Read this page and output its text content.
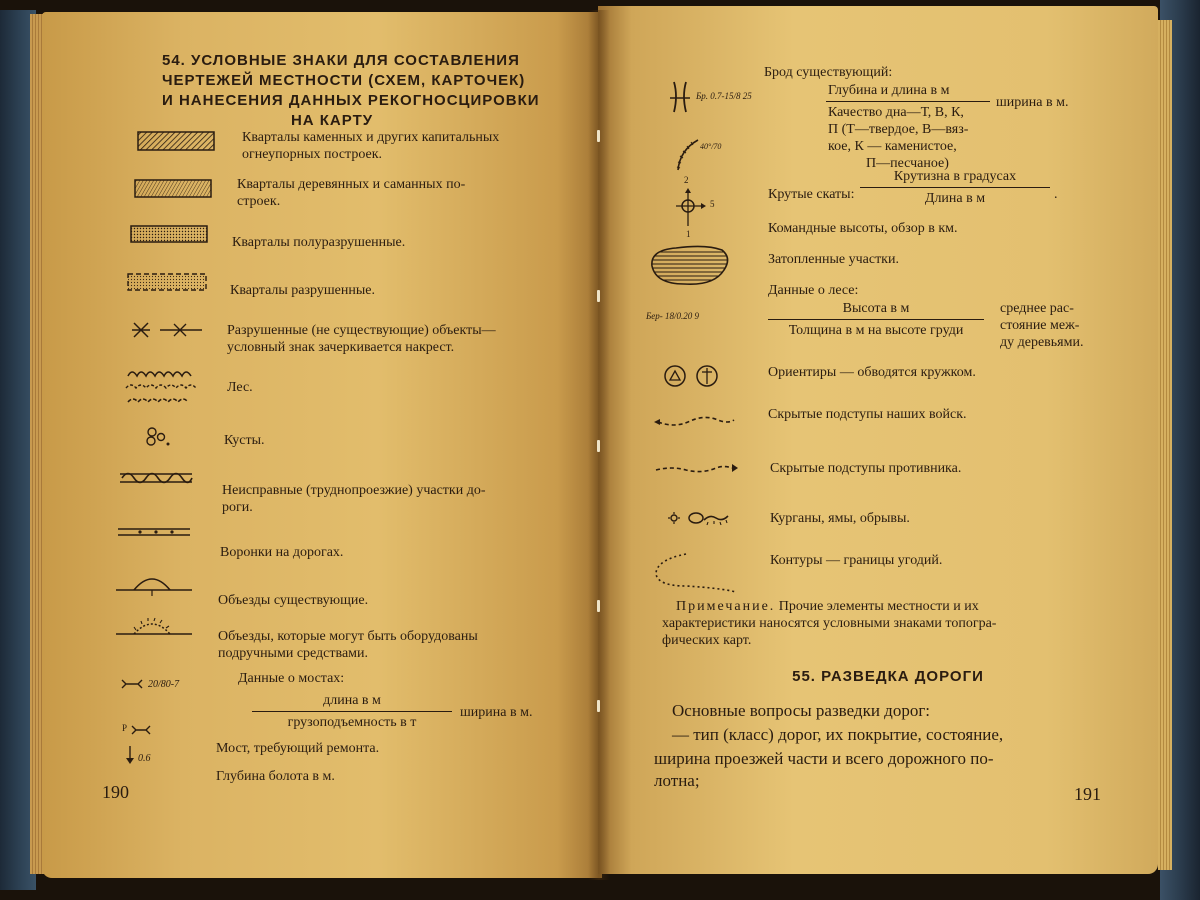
54. УСЛОВНЫЕ ЗНАКИ ДЛЯ СОСТАВЛЕНИЯ
ЧЕРТЕЖЕЙ МЕСТНОСТИ (СХЕМ, КАРТОЧЕК)
И НАНЕСЕНИЯ ДАННЫХ РЕКОГНОСЦИРОВКИ
НА КАРТУ
Кварталы каменных и других капитальных
огнеупорных построек.
Кварталы деревянных и саманных по-
строек.
Кварталы полуразрушенные.
Кварталы разрушенные.
Разрушенные (не существующие) объекты—
условный знак зачеркивается накрест.
Лес.
Кусты.
Неисправные (труднопроезжие) участки до-
роги.
Воронки на дорогах.
Объезды существующие.
Объезды, которые могут быть оборудованы
подручными средствами.
20/80-7	Данные о мостах:
длина в м
грузоподъемность в т
ширина в м.
Р
Мост, требующий ремонта.
0.6
Глубина болота в м.
190
Бр. 0.7-15/8 25
Брод существующий:
Глубина и длина в м
ширина в м.
Качество дна—Т, В, К,
П (Т—твердое, В—вяз-
кое, К — каменистое,
П—песчаное)
40°/70
Крутые скаты:
Крутизна в градусах
Длина в м	.
2
5
1	Командные высоты, обзор в км.
Затопленные участки.
Бер- 18/0.20 9
Данные о лесе:
Высота в м
Толщина в м на высоте груди
среднее рас-
стояние меж-
ду деревьями.
Ориентиры — обводятся кружком.
Скрытые подступы наших войск.
Скрытые подступы противника.
Курганы, ямы, обрывы.
Контуры — границы угодий.
Примечание. Прочие элементы местности и их
характеристики наносятся условными знаками топогра-
фических карт.
55. РАЗВЕДКА ДОРОГИ
Основные вопросы разведки дорог:
— тип (класс) дорог, их покрытие, состояние,
ширина проезжей части и всего дорожного по-
лотна;
191
